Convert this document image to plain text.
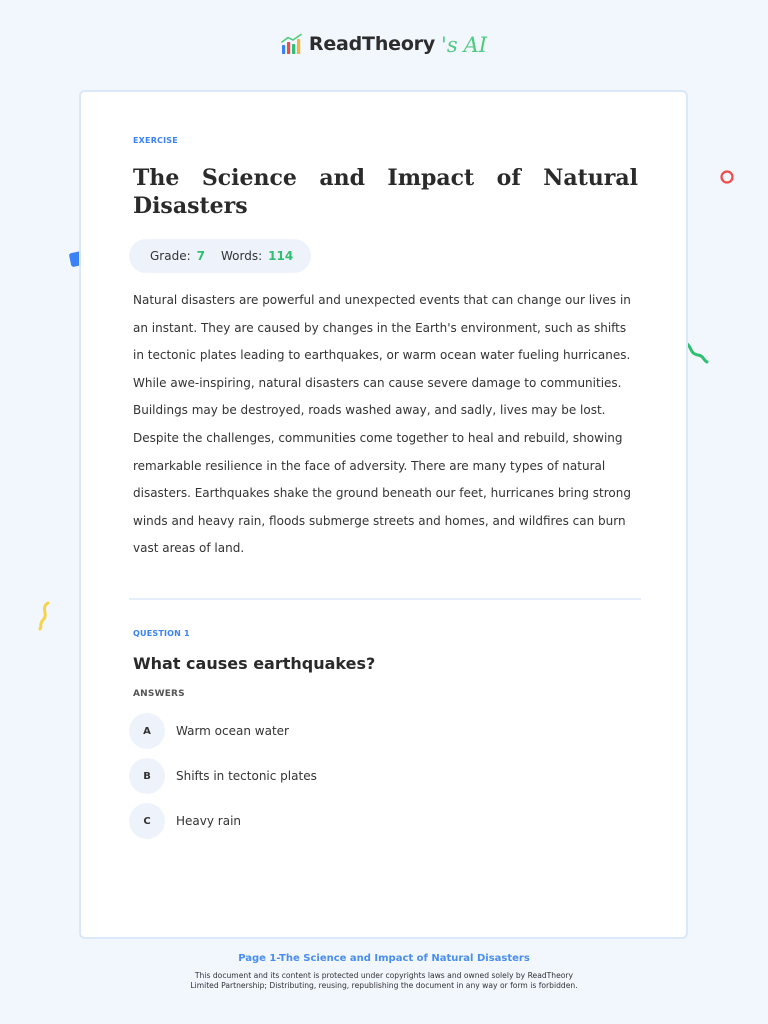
ReadTheory 's AI
EXERCISE
The Science and Impact of Natural Disasters
Grade: 7 Words: 114

Natural disasters are powerful and unexpected events that can change our lives in an instant. They are caused by changes in the Earth's environment, such as shifts in tectonic plates leading to earthquakes, or warm ocean water fueling hurricanes. While awe-inspiring, natural disasters can cause severe damage to communities. Buildings may be destroyed, roads washed away, and sadly, lives may be lost. Despite the challenges, communities come together to heal and rebuild, showing remarkable resilience in the face of adversity. There are many types of natural disasters. Earthquakes shake the ground beneath our feet, hurricanes bring strong winds and heavy rain, floods submerge streets and homes, and wildfires can burn vast areas of land.

QUESTION 1
What causes earthquakes?
ANSWERS
A	Warm ocean water
B	Shifts in tectonic plates
C	Heavy rain
Page 1-The Science and Impact of Natural Disasters
This document and its content is protected under copyrights laws and owned solely by ReadTheory
Limited Partnership; Distributing, reusing, republishing the document in any way or form is forbidden.
